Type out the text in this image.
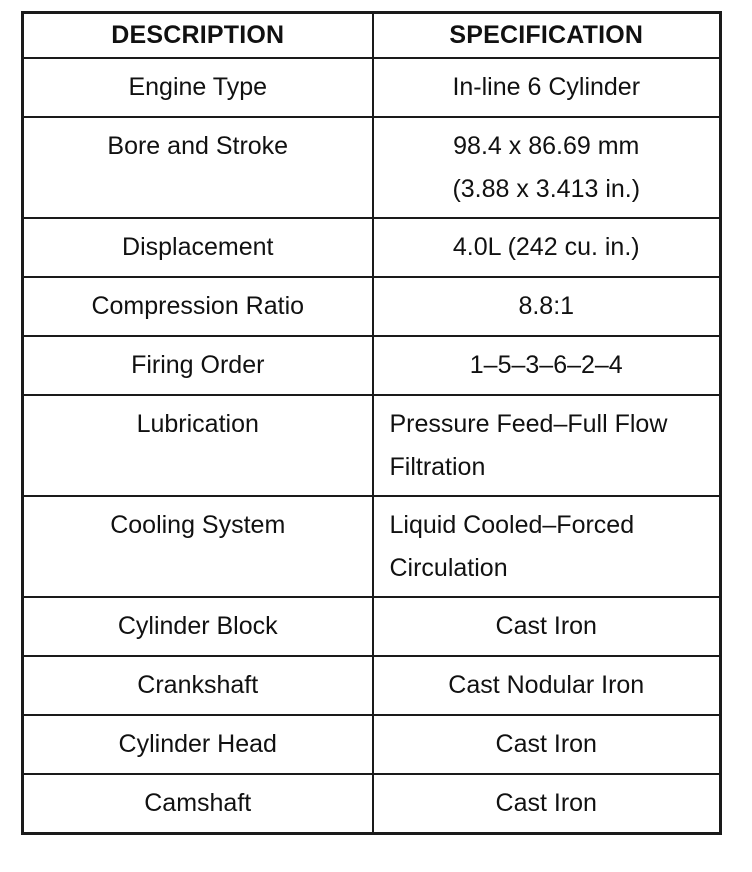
DESCRIPTION	SPECIFICATION
Engine Type	In-line 6 Cylinder

Bore and Stroke	98.4 x 86.69 mm
(3.88 x 3.413 in.)

Displacement	4.0L (242 cu. in.)

Compression Ratio	8.8:1

Firing Order	1–5–3–6–2–4

Lubrication	Pressure Feed–Full Flow
Filtration

Cooling System	Liquid Cooled–Forced
Circulation

Cylinder Block	Cast Iron

Crankshaft	Cast Nodular Iron

Cylinder Head	Cast Iron

Camshaft	Cast Iron
